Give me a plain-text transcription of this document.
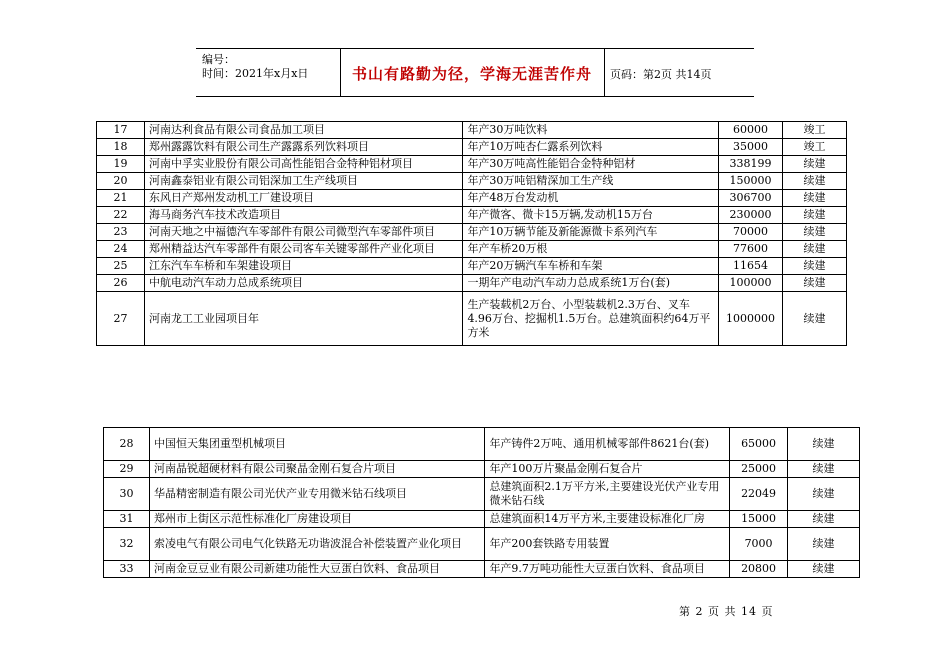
编号：
时间：2021年x月x日	书山有路勤为径，学海无涯苦作舟	页码：第2页 共14页
17	河南达利食品有限公司食品加工项目	年产30万吨饮料	60000	竣工
18	郑州露露饮料有限公司生产露露系列饮料项目	年产10万吨杏仁露系列饮料	35000	竣工
19	河南中孚实业股份有限公司高性能铝合金特种铝材项目	年产30万吨高性能铝合金特种铝材	338199	续建
20	河南鑫泰铝业有限公司铝深加工生产线项目	年产30万吨铝精深加工生产线	150000	续建
21	东风日产郑州发动机工厂建设项目	年产48万台发动机	306700	续建
22	海马商务汽车技术改造项目	年产微客、微卡15万辆,发动机15万台	230000	续建
23	河南天地之中福德汽车零部件有限公司微型汽车零部件项目	年产10万辆节能及新能源微卡系列汽车	70000	续建
24	郑州精益达汽车零部件有限公司客车关键零部件产业化项目	年产车桥20万根	77600	续建
25	江东汽车车桥和车架建设项目	年产20万辆汽车车桥和车架	11654	续建
26	中航电动汽车动力总成系统项目	一期年产电动汽车动力总成系统1万台(套)	100000	续建
27	河南龙工工业园项目年	生产装载机2万台、小型装载机2.3万台、叉车4.96万台、挖掘机1.5万台。总建筑面积约64万平方米	1000000	续建
28	中国恒天集团重型机械项目	年产铸件2万吨、通用机械零部件8621台(套)	65000	续建
29	河南晶锐超硬材料有限公司聚晶金刚石复合片项目	年产100万片聚晶金刚石复合片	25000	续建
30	华晶精密制造有限公司光伏产业专用微米钻石线项目	总建筑面积2.1万平方米,主要建设光伏产业专用微米钻石线	22049	续建
31	郑州市上街区示范性标准化厂房建设项目	总建筑面积14万平方米,主要建设标准化厂房	15000	续建
32	索凌电气有限公司电气化铁路无功谐波混合补偿装置产业化项目	年产200套铁路专用装置	7000	续建
33	河南金豆豆业有限公司新建功能性大豆蛋白饮料、食品项目	年产9.7万吨功能性大豆蛋白饮料、食品项目	20800	续建
第 2 页 共 14 页
